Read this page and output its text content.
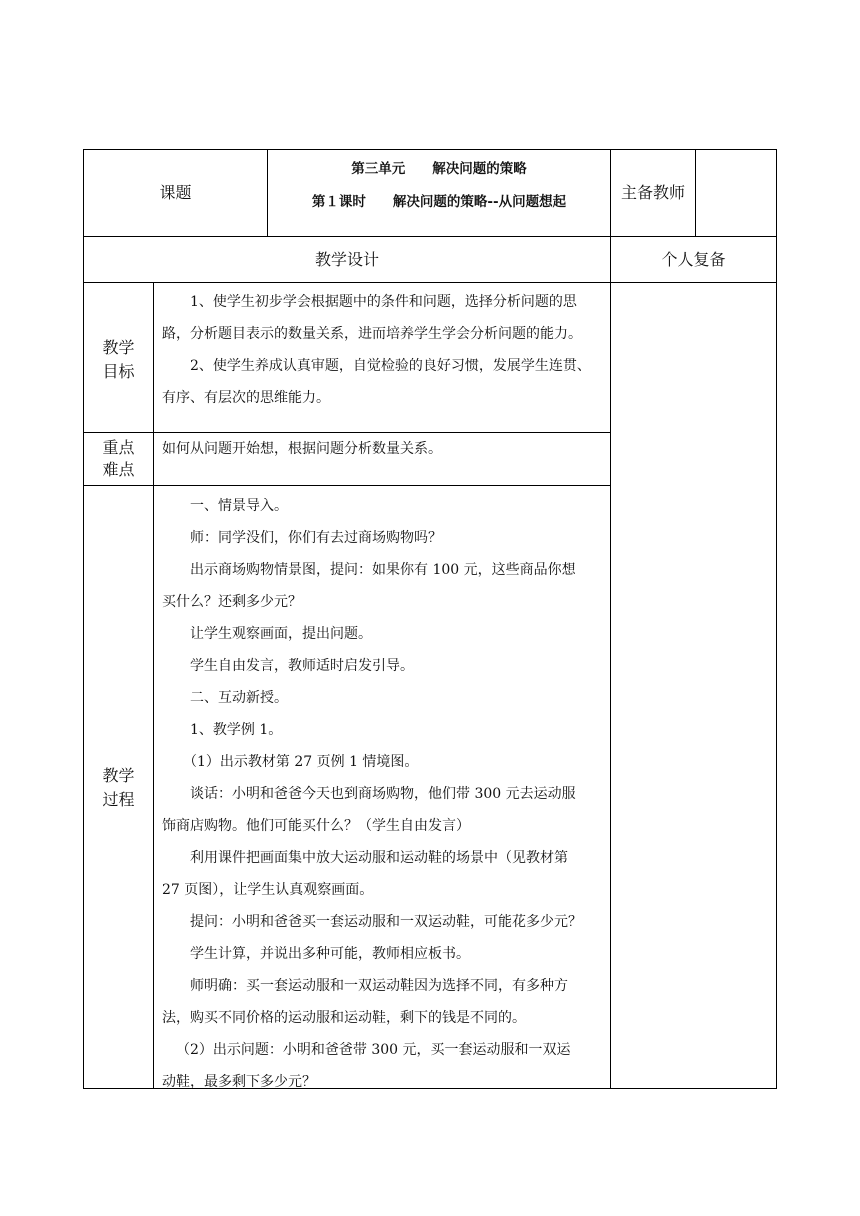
课题
第三单元　　解决问题的策略
第１课时　　解决问题的策略--从问题想起	主备教师
教学设计	个人复备
教学
目标

1、使学生初步学会根据题中的条件和问题，选择分析问题的思

路，分析题目表示的数量关系，进而培养学生学会分析问题的能力。

2、使学生养成认真审题，自觉检验的良好习惯，发展学生连贯、

有序、有层次的思维能力。

重点
难点
如何从问题开始想，根据问题分析数量关系。
教学
过程

一、情景导入。

师：同学没们，你们有去过商场购物吗？

出示商场购物情景图，提问：如果你有 100 元，这些商品你想

买什么？还剩多少元？

让学生观察画面，提出问题。

学生自由发言，教师适时启发引导。

二、互动新授。

1、教学例 1。

（1）出示教材第 27 页例 1 情境图。

谈话：小明和爸爸今天也到商场购物，他们带 300 元去运动服

饰商店购物。他们可能买什么？（学生自由发言）

利用课件把画面集中放大运动服和运动鞋的场景中（见教材第

27 页图），让学生认真观察画面。

提问：小明和爸爸买一套运动服和一双运动鞋，可能花多少元？

学生计算，并说出多种可能，教师相应板书。

师明确：买一套运动服和一双运动鞋因为选择不同，有多种方

法，购买不同价格的运动服和运动鞋，剩下的钱是不同的。

（2）出示问题：小明和爸爸带 300 元，买一套运动服和一双运

动鞋，最多剩下多少元？
